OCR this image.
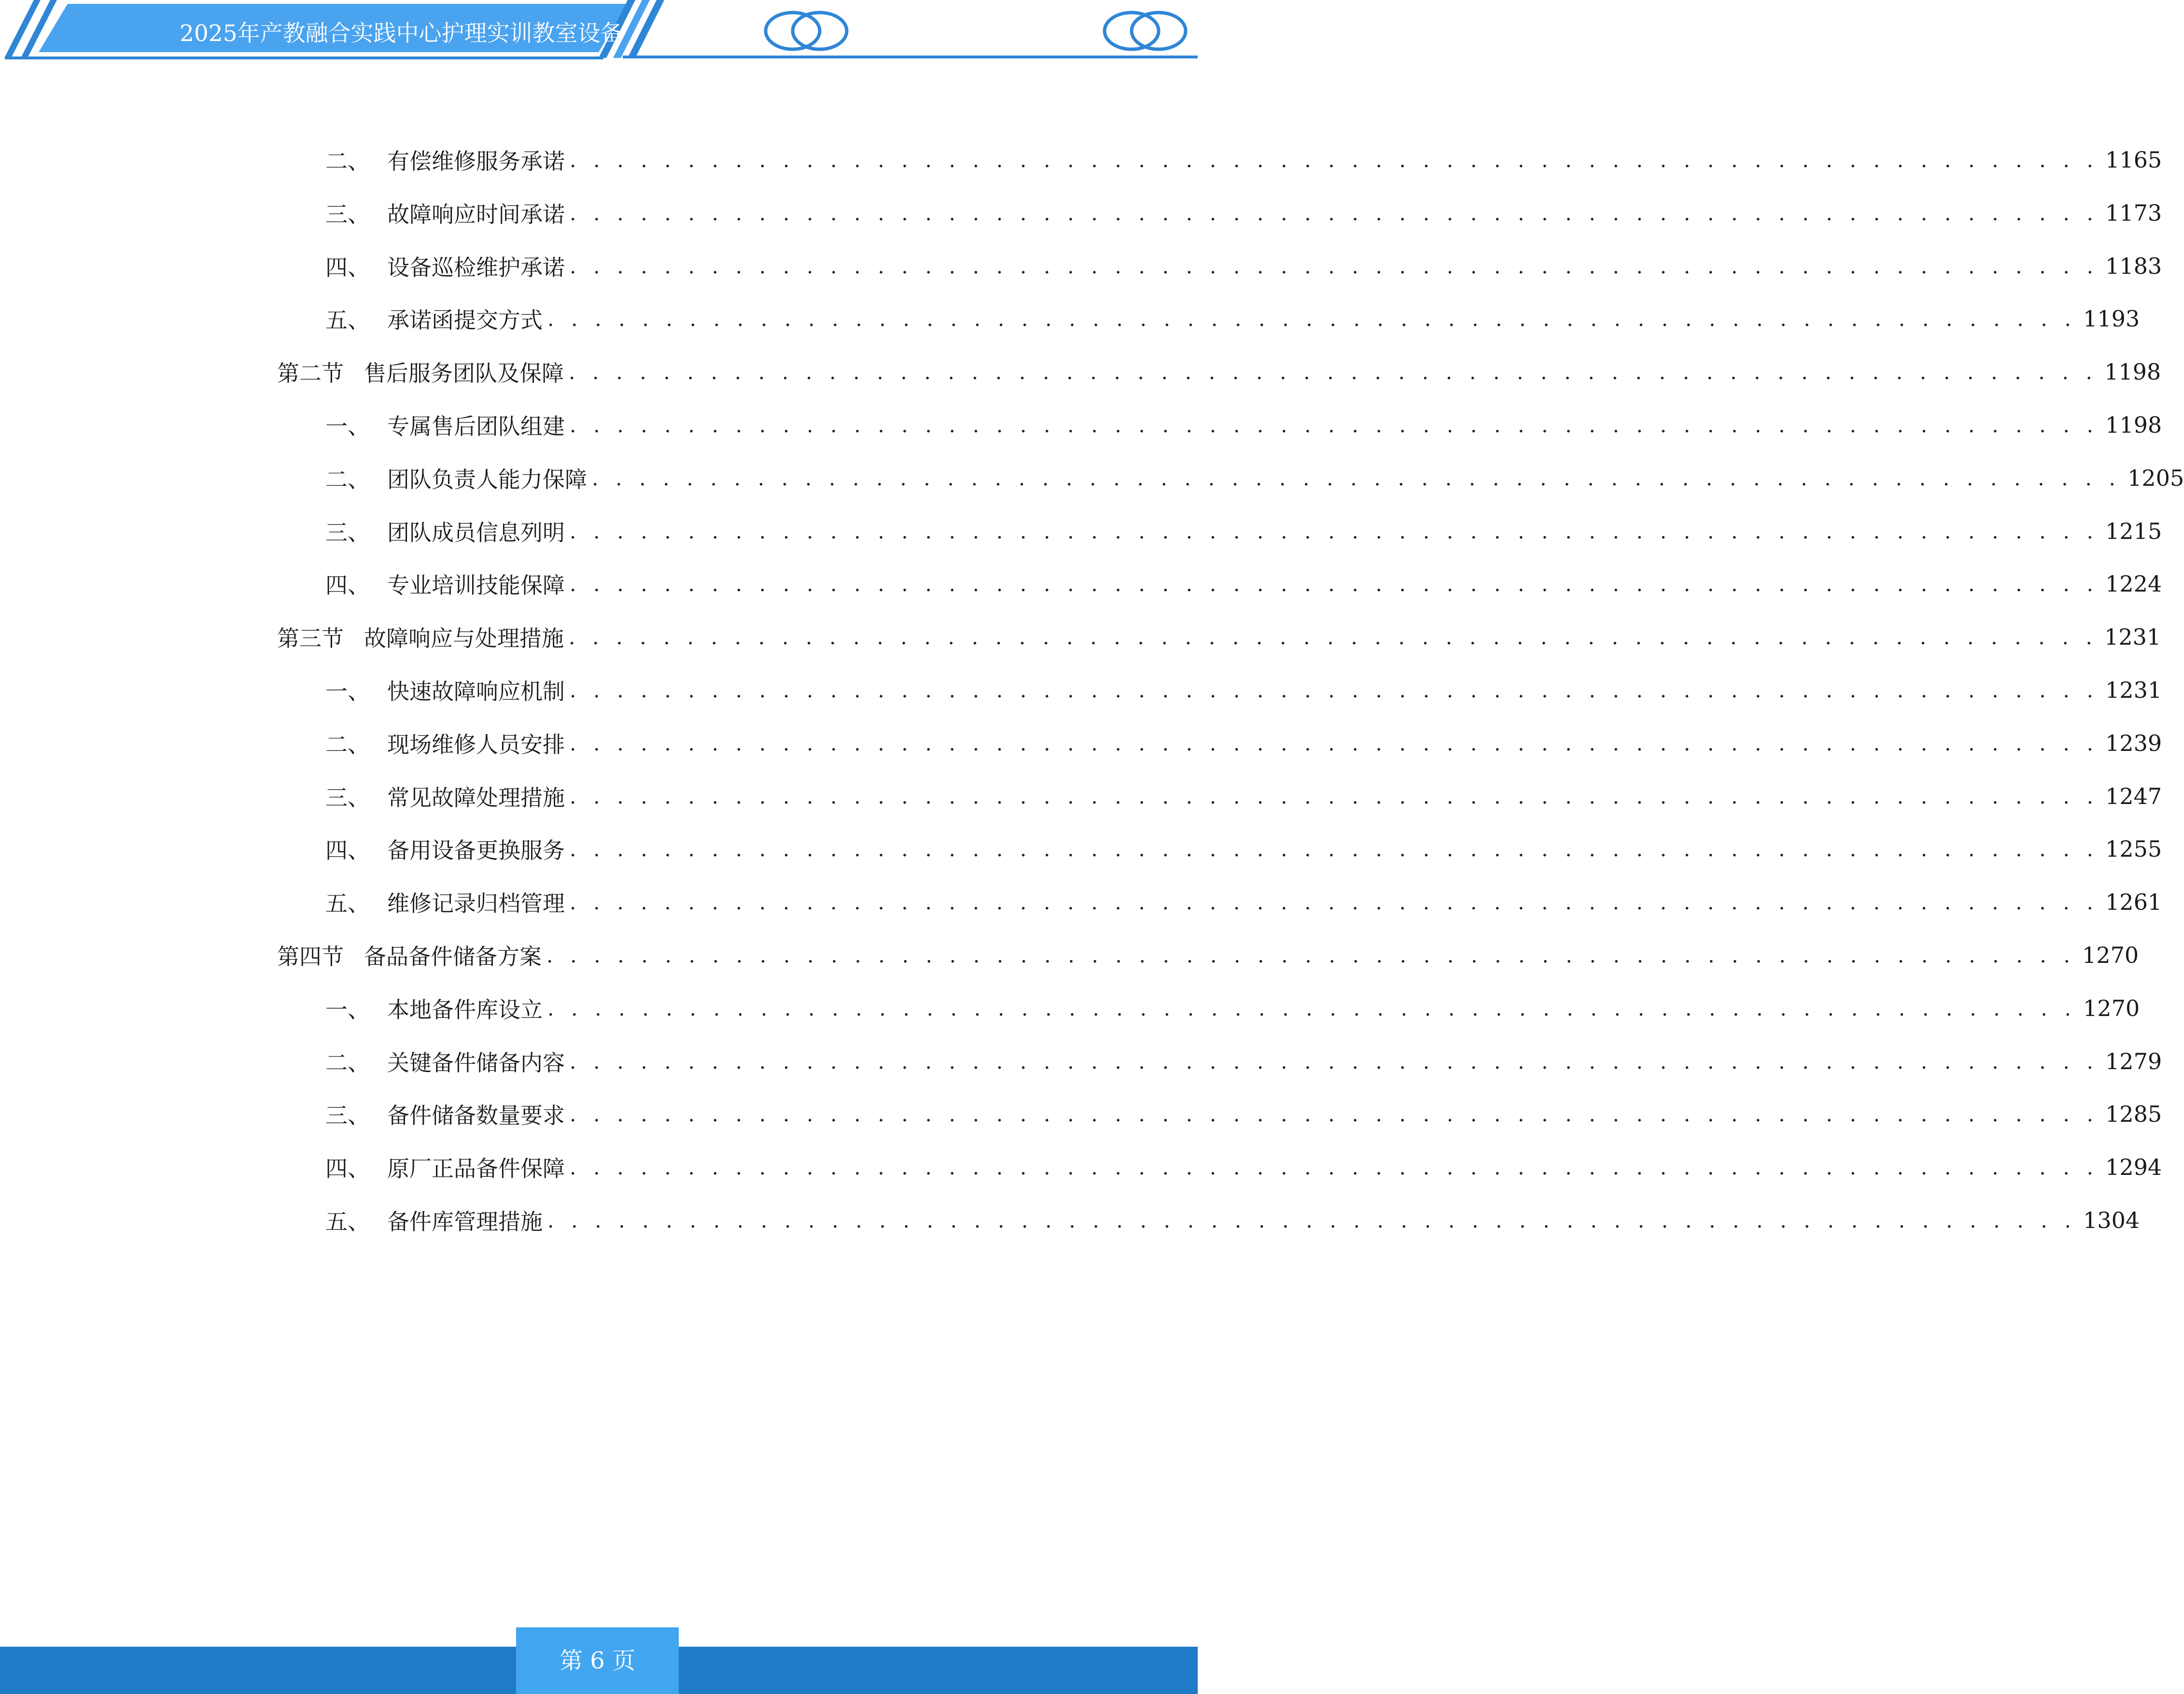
2025年产教融合实践中心护理实训教室设备
二、 有偿维修服务承诺 . . . . . . . . . . . . . . . . . . . . . . . . . . . . . . . . . . . . . . . . . . . . . . . . . . . . . . . . . . . . . . . . . 1165
三、 故障响应时间承诺 . . . . . . . . . . . . . . . . . . . . . . . . . . . . . . . . . . . . . . . . . . . . . . . . . . . . . . . . . . . . . . . . . 1173
四、 设备巡检维护承诺 . . . . . . . . . . . . . . . . . . . . . . . . . . . . . . . . . . . . . . . . . . . . . . . . . . . . . . . . . . . . . . . . . 1183
五、 承诺函提交方式 . . . . . . . . . . . . . . . . . . . . . . . . . . . . . . . . . . . . . . . . . . . . . . . . . . . . . . . . . . . . . . . . . 1193
第二节 售后服务团队及保障 . . . . . . . . . . . . . . . . . . . . . . . . . . . . . . . . . . . . . . . . . . . . . . . . . . . . . . . . . . . . . . . . . 1198
一、 专属售后团队组建 . . . . . . . . . . . . . . . . . . . . . . . . . . . . . . . . . . . . . . . . . . . . . . . . . . . . . . . . . . . . . . . . . 1198
二、 团队负责人能力保障 . . . . . . . . . . . . . . . . . . . . . . . . . . . . . . . . . . . . . . . . . . . . . . . . . . . . . . . . . . . . . . . . . 1205
三、 团队成员信息列明 . . . . . . . . . . . . . . . . . . . . . . . . . . . . . . . . . . . . . . . . . . . . . . . . . . . . . . . . . . . . . . . . . 1215
四、 专业培训技能保障 . . . . . . . . . . . . . . . . . . . . . . . . . . . . . . . . . . . . . . . . . . . . . . . . . . . . . . . . . . . . . . . . . 1224
第三节 故障响应与处理措施 . . . . . . . . . . . . . . . . . . . . . . . . . . . . . . . . . . . . . . . . . . . . . . . . . . . . . . . . . . . . . . . . . 1231
一、 快速故障响应机制 . . . . . . . . . . . . . . . . . . . . . . . . . . . . . . . . . . . . . . . . . . . . . . . . . . . . . . . . . . . . . . . . . 1231
二、 现场维修人员安排 . . . . . . . . . . . . . . . . . . . . . . . . . . . . . . . . . . . . . . . . . . . . . . . . . . . . . . . . . . . . . . . . . 1239
三、 常见故障处理措施 . . . . . . . . . . . . . . . . . . . . . . . . . . . . . . . . . . . . . . . . . . . . . . . . . . . . . . . . . . . . . . . . . 1247
四、 备用设备更换服务 . . . . . . . . . . . . . . . . . . . . . . . . . . . . . . . . . . . . . . . . . . . . . . . . . . . . . . . . . . . . . . . . . 1255
五、 维修记录归档管理 . . . . . . . . . . . . . . . . . . . . . . . . . . . . . . . . . . . . . . . . . . . . . . . . . . . . . . . . . . . . . . . . . 1261
第四节 备品备件储备方案 . . . . . . . . . . . . . . . . . . . . . . . . . . . . . . . . . . . . . . . . . . . . . . . . . . . . . . . . . . . . . . . . . 1270
一、 本地备件库设立 . . . . . . . . . . . . . . . . . . . . . . . . . . . . . . . . . . . . . . . . . . . . . . . . . . . . . . . . . . . . . . . . . 1270
二、 关键备件储备内容 . . . . . . . . . . . . . . . . . . . . . . . . . . . . . . . . . . . . . . . . . . . . . . . . . . . . . . . . . . . . . . . . . 1279
三、 备件储备数量要求 . . . . . . . . . . . . . . . . . . . . . . . . . . . . . . . . . . . . . . . . . . . . . . . . . . . . . . . . . . . . . . . . . 1285
四、 原厂正品备件保障 . . . . . . . . . . . . . . . . . . . . . . . . . . . . . . . . . . . . . . . . . . . . . . . . . . . . . . . . . . . . . . . . . 1294
五、 备件库管理措施 . . . . . . . . . . . . . . . . . . . . . . . . . . . . . . . . . . . . . . . . . . . . . . . . . . . . . . . . . . . . . . . . . 1304
第 6 页
